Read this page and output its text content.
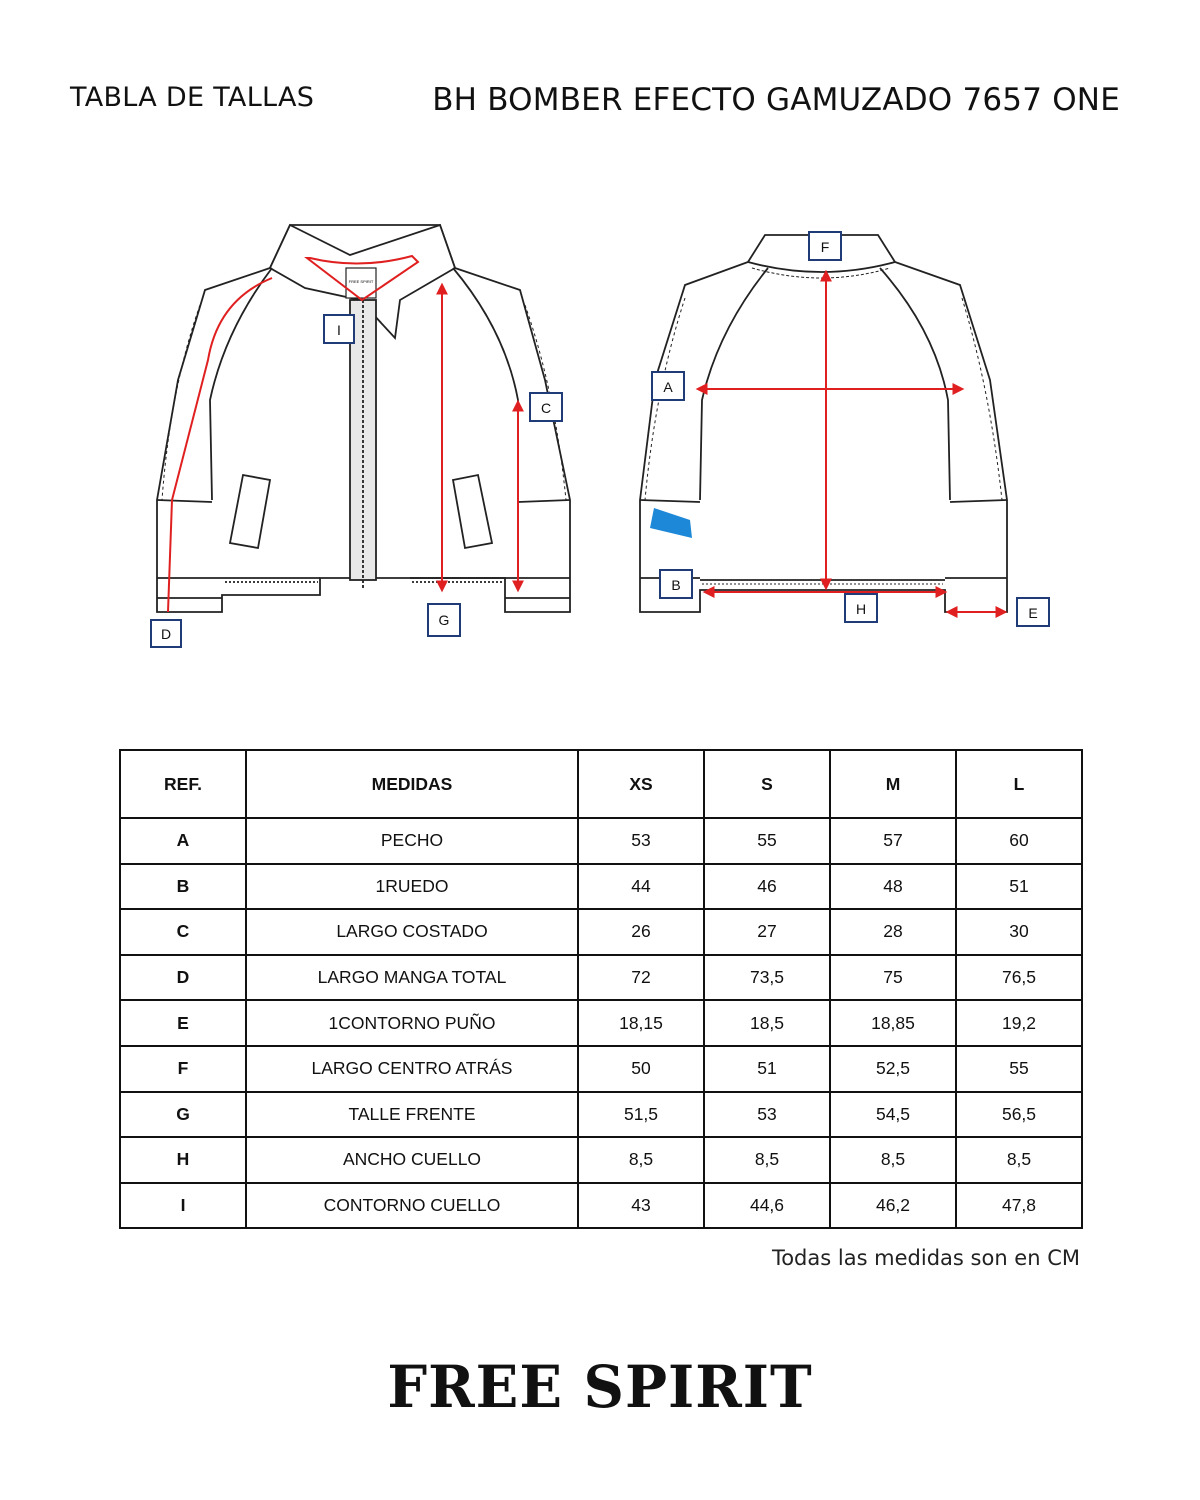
TABLA DE TALLAS	BH BOMBER EFECTO GAMUZADO 7657 ONE
FREE SPIRIT
I
C
D
G
F
A
B
H	E
REF.	MEDIDAS	XS	S	M	L
A	PECHO	53	55	57	60
B	1RUEDO	44	46	48	51
C	LARGO COSTADO	26	27	28	30
D	LARGO MANGA TOTAL	72	73,5	75	76,5
E	1CONTORNO PUÑO	18,15	18,5	18,85	19,2
F	LARGO CENTRO ATRÁS	50	51	52,5	55
G	TALLE FRENTE	51,5	53	54,5	56,5
H	ANCHO CUELLO	8,5	8,5	8,5	8,5
I	CONTORNO CUELLO	43	44,6	46,2	47,8
Todas las medidas son en CM
FREE SPIRIT
